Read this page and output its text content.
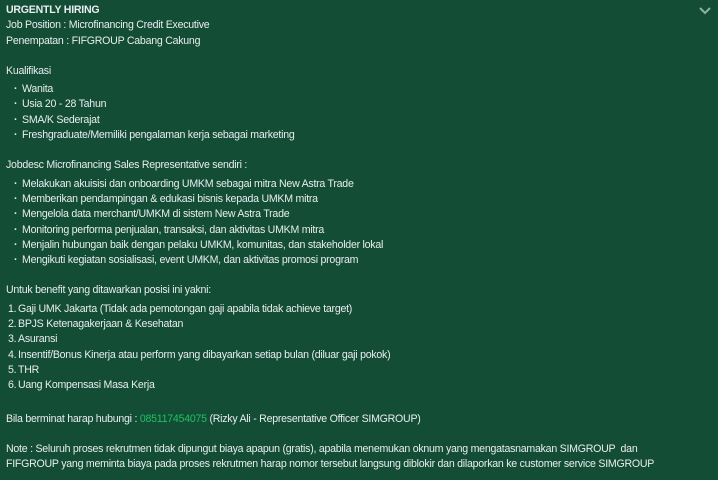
URGENTLY HIRING
Job Position : Microfinancing Credit Executive
Penempatan : FIFGROUP Cabang Cakung
Kualifikasi
· Wanita
· Usia 20 - 28 Tahun
· SMA/K Sederajat
· Freshgraduate/Memiliki pengalaman kerja sebagai marketing
Jobdesc Microfinancing Sales Representative sendiri :
· Melakukan akuisisi dan onboarding UMKM sebagai mitra New Astra Trade
· Memberikan pendampingan & edukasi bisnis kepada UMKM mitra
· Mengelola data merchant/UMKM di sistem New Astra Trade
· Monitoring performa penjualan, transaksi, dan aktivitas UMKM mitra
· Menjalin hubungan baik dengan pelaku UMKM, komunitas, dan stakeholder lokal
· Mengikuti kegiatan sosialisasi, event UMKM, dan aktivitas promosi program
Untuk benefit yang ditawarkan posisi ini yakni:
1. Gaji UMK Jakarta (Tidak ada pemotongan gaji apabila tidak achieve target)
2. BPJS Ketenagakerjaan & Kesehatan
3. Asuransi
4. Insentif/Bonus Kinerja atau perform yang dibayarkan setiap bulan (diluar gaji pokok)
5. THR
6. Uang Kompensasi Masa Kerja
Bila berminat harap hubungi : 085117454075 (Rizky Ali - Representative Officer SIMGROUP)
Note : Seluruh proses rekrutmen tidak dipungut biaya apapun (gratis), apabila menemukan oknum yang mengatasnamakan SIMGROUP  dan
FIFGROUP yang meminta biaya pada proses rekrutmen harap nomor tersebut langsung diblokir dan dilaporkan ke customer service SIMGROUP
